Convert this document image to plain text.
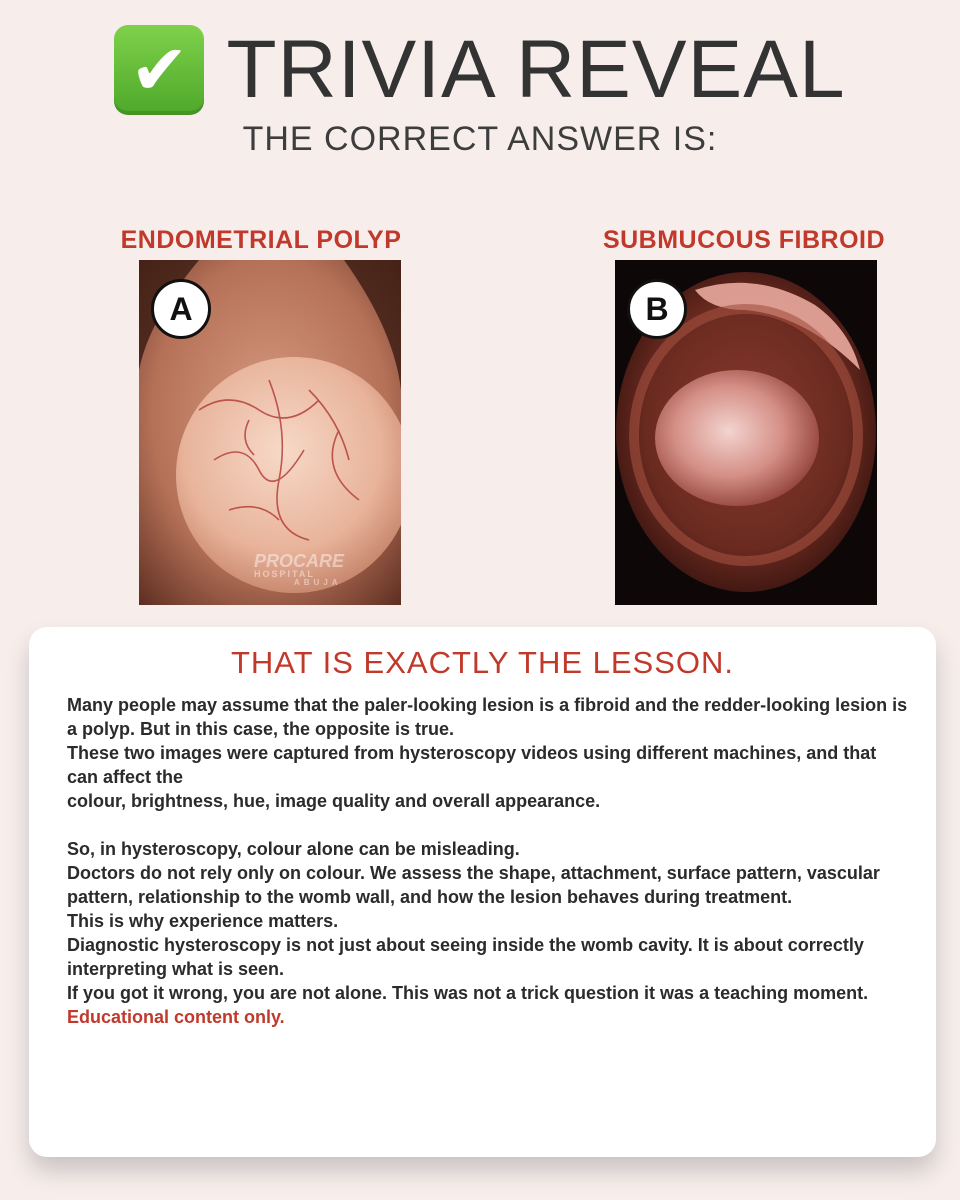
✔ TRIVIA REVEAL
THE CORRECT ANSWER IS:
ENDOMETRIAL POLYP
A
PROCARE
HOSPITAL
ABUJA
SUBMUCOUS FIBROID
B
THAT IS EXACTLY THE LESSON.

Many people may assume that the paler-looking lesion is a fibroid and the redder-looking lesion is a polyp. But in this case, the opposite is true.

These two images were captured from hysteroscopy videos using different machines, and that can affect the

colour, brightness, hue, image quality and overall appearance.

So, in hysteroscopy, colour alone can be misleading.

Doctors do not rely only on colour. We assess the shape, attachment, surface pattern, vascular pattern, relationship to the womb wall, and how the lesion behaves during treatment.

This is why experience matters.

Diagnostic hysteroscopy is not just about seeing inside the womb cavity. It is about correctly interpreting what is seen.

If you got it wrong, you are not alone. This was not a trick question it was a teaching moment.

Educational content only.
